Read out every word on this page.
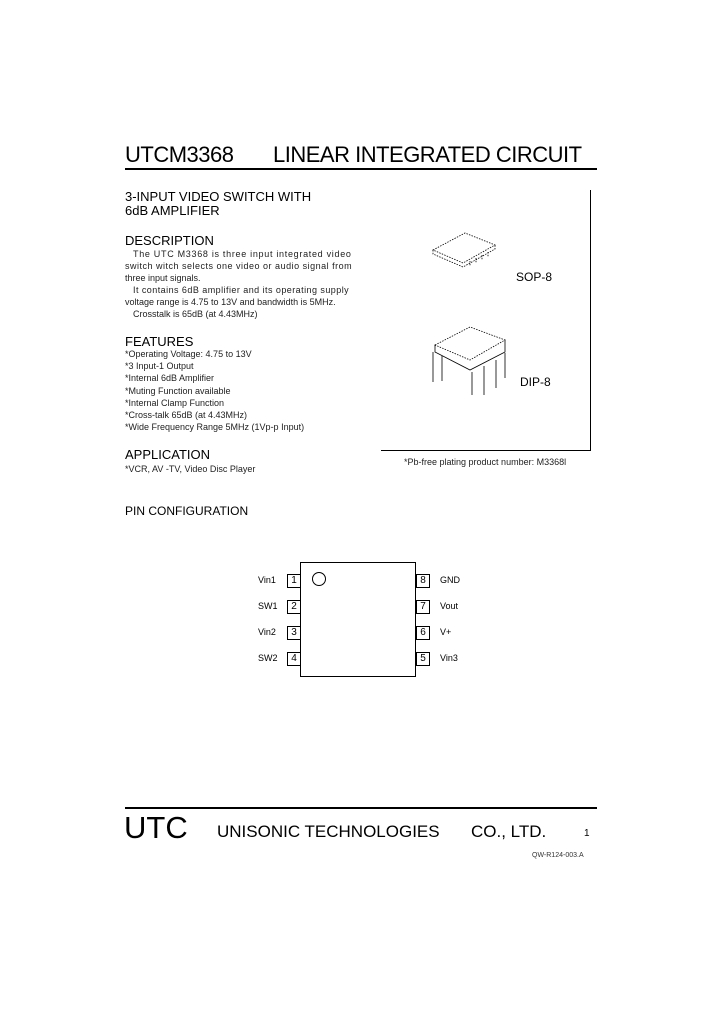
UTCM3368 LINEAR INTEGRATED CIRCUIT
3-INPUT VIDEO SWITCH WITH
6dB AMPLIFIER
DESCRIPTION
The UTC M3368 is three input integrated video
switch witch selects one video or audio signal from
three input signals.
It contains 6dB amplifier and its operating supply
voltage range is 4.75 to 13V and bandwidth is 5MHz.
Crosstalk is 65dB (at 4.43MHz)
FEATURES
*Operating Voltage: 4.75 to 13V
*3 Input-1 Output
*Internal 6dB Amplifier
*Muting Function available
*Internal Clamp Function
*Cross-talk 65dB (at 4.43MHz)
*Wide Frequency Range 5MHz (1Vp-p Input)
APPLICATION
*VCR, AV -TV, Video Disc Player
SOP-8
DIP-8
*Pb-free plating product number: M3368l
PIN CONFIGURATION
1
Vin1
2
SW1
3
Vin2
4
SW2
8	GND
7	Vout
6	V+
5	Vin3
UTC UNISONIC TECHNOLOGIES CO., LTD.	1
QW-R124-003.A
